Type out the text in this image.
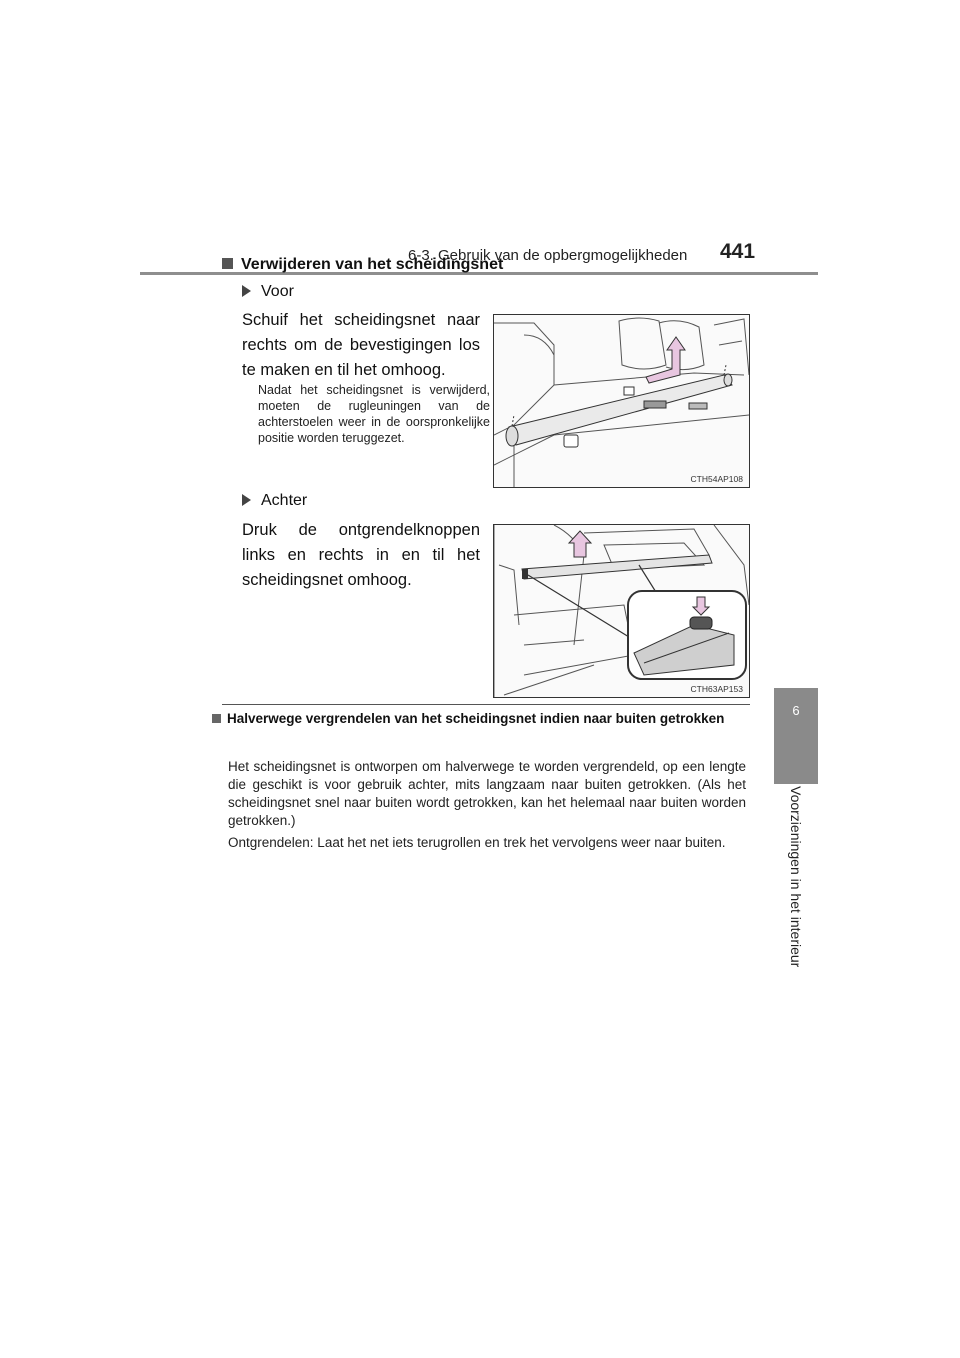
6-3. Gebruik van de opbergmogelijkheden 441
6
Voorzieningen in het interieur
Verwijderen van het scheidingsnet
Voor
Schuif het scheidingsnet naar rechts om de bevestigingen los te maken en til het omhoog.
Nadat het scheidingsnet is verwijderd, moeten de rugleuningen van de achterstoelen weer in de oorspronkelijke positie worden teruggezet.
CTH54AP108
Achter
Druk de ontgrendelknoppen links en rechts in en til het scheidingsnet omhoog.
CTH63AP153
Halverwege vergrendelen van het scheidingsnet indien naar buiten getrokken
Het scheidingsnet is ontworpen om halverwege te worden vergrendeld, op een lengte die geschikt is voor gebruik achter, mits langzaam naar buiten getrokken. (Als het scheidingsnet snel naar buiten wordt getrokken, kan het helemaal naar buiten worden getrokken.)
Ontgrendelen: Laat het net iets terugrollen en trek het vervolgens weer naar buiten.
